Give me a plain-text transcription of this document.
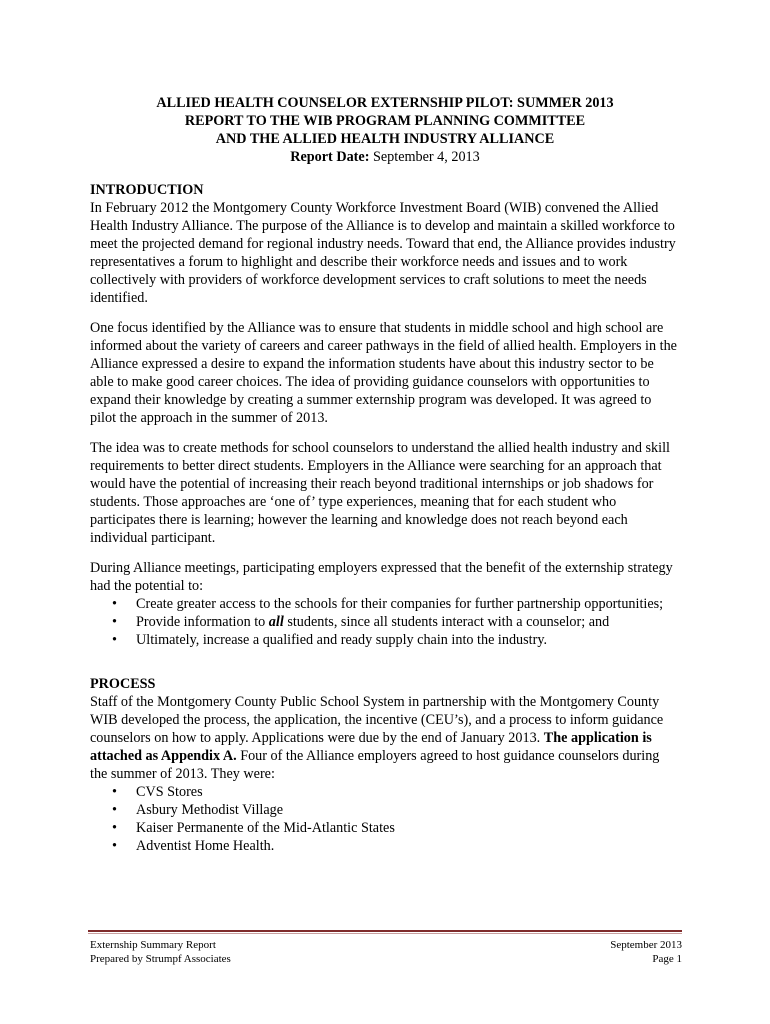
ALLIED HEALTH COUNSELOR EXTERNSHIP PILOT: SUMMER 2013
REPORT TO THE WIB PROGRAM PLANNING COMMITTEE
AND THE ALLIED HEALTH INDUSTRY ALLIANCE
Report Date: September 4, 2013
INTRODUCTION

In February 2012 the Montgomery County Workforce Investment Board (WIB) convened the Allied Health Industry Alliance. The purpose of the Alliance is to develop and maintain a skilled workforce to meet the projected demand for regional industry needs. Toward that end, the Alliance provides industry representatives a forum to highlight and describe their workforce needs and issues and to work collectively with providers of workforce development services to craft solutions to meet the needs identified.

One focus identified by the Alliance was to ensure that students in middle school and high school are informed about the variety of careers and career pathways in the field of allied health. Employers in the Alliance expressed a desire to expand the information students have about this industry sector to be able to make good career choices. The idea of providing guidance counselors with opportunities to expand their knowledge by creating a summer externship program was developed. It was agreed to pilot the approach in the summer of 2013.

The idea was to create methods for school counselors to understand the allied health industry and skill requirements to better direct students. Employers in the Alliance were searching for an approach that would have the potential of increasing their reach beyond traditional internships or job shadows for students. Those approaches are ‘one of’ type experiences, meaning that for each student who participates there is learning; however the learning and knowledge does not reach beyond each individual participant.

During Alliance meetings, participating employers expressed that the benefit of the externship strategy had the potential to:

• Create greater access to the schools for their companies for further partnership opportunities;
• Provide information to all students, since all students interact with a counselor; and
• Ultimately, increase a qualified and ready supply chain into the industry.
PROCESS

Staff of the Montgomery County Public School System in partnership with the Montgomery County WIB developed the process, the application, the incentive (CEU’s), and a process to inform guidance counselors on how to apply. Applications were due by the end of January 2013. The application is attached as Appendix A. Four of the Alliance employers agreed to host guidance counselors during the summer of 2013. They were:

• CVS Stores
• Asbury Methodist Village
• Kaiser Permanente of the Mid-Atlantic States
• Adventist Home Health.
Externship Summary Report
Prepared by Strumpf Associates
September 2013
Page 1
